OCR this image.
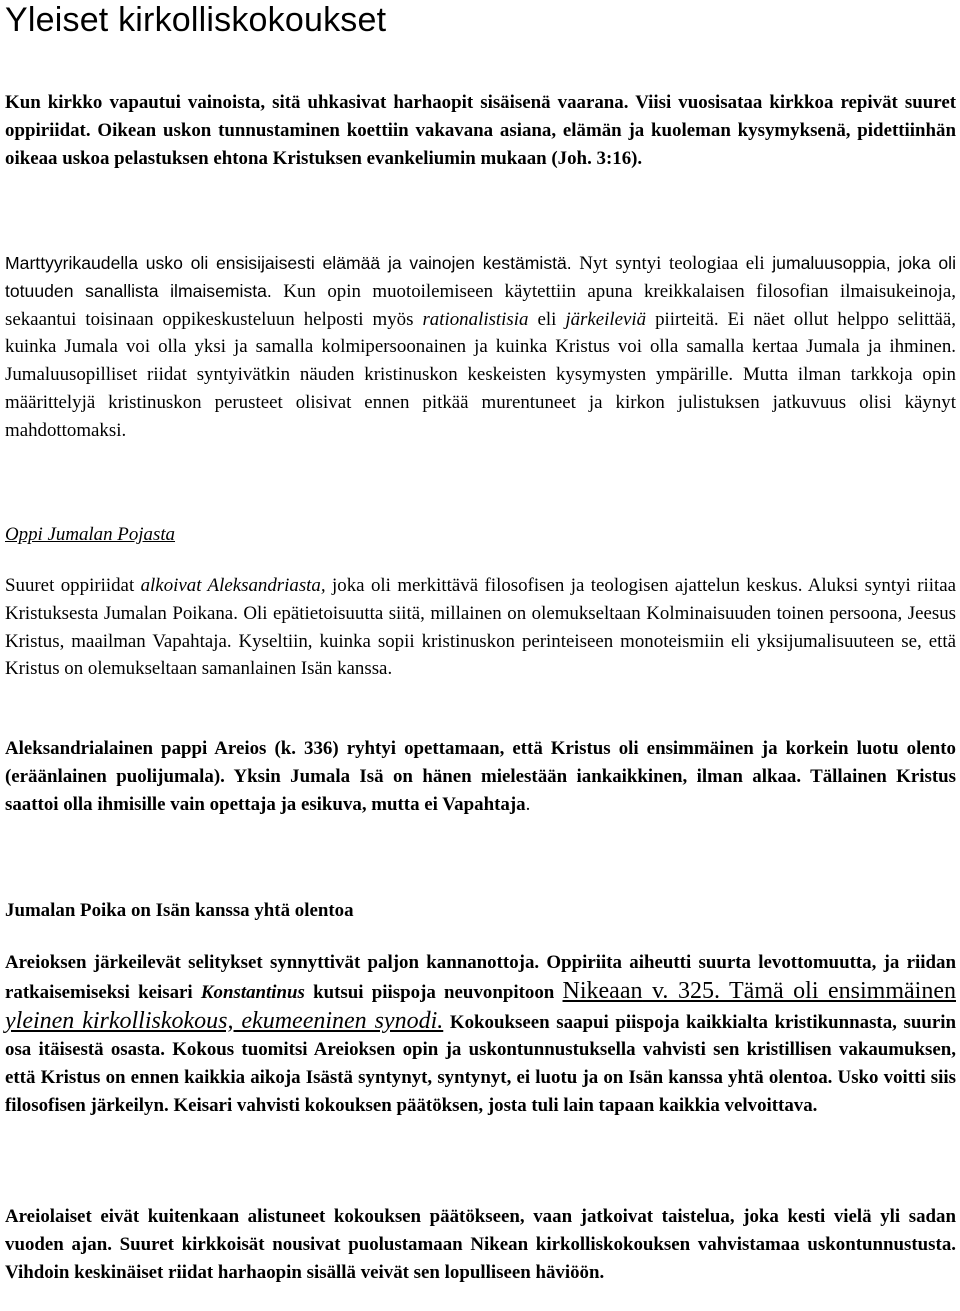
Yleiset kirkolliskokoukset

Kun kirkko vapautui vainoista, sitä uhkasivat harhaopit sisäisenä vaarana. Viisi vuosisataa kirkkoa repivät suuret oppiriidat. Oikean uskon tunnustaminen koettiin vakavana asiana, elämän ja kuoleman kysymyksenä, pidettiinhän oikeaa uskoa pelastuksen ehtona Kristuksen evankeliumin mukaan (Joh. 3:16).

Marttyyrikaudella usko oli ensisijaisesti elämää ja vainojen kestämistä. Nyt syntyi teologiaa eli jumaluusoppia, joka oli totuuden sanallista ilmaisemista. Kun opin muotoilemiseen käytettiin apuna kreikkalaisen filosofian ilmaisukeinoja, sekaantui toisinaan oppikeskusteluun helposti myös rationalistisia eli järkeileviä piirteitä. Ei näet ollut helppo selittää, kuinka Jumala voi olla yksi ja samalla kolmipersoonainen ja kuinka Kristus voi olla samalla kertaa Jumala ja ihminen. Jumaluusopilliset riidat syntyivätkin näuden kristinuskon keskeisten kysymysten ympärille. Mutta ilman tarkkoja opin määrittelyjä kristinuskon perusteet olisivat ennen pitkää murentuneet ja kirkon julistuksen jatkuvuus olisi käynyt mahdottomaksi.

Oppi Jumalan Pojasta

Suuret oppiriidat alkoivat Aleksandriasta, joka oli merkittävä filosofisen ja teologisen ajattelun keskus. Aluksi syntyi riitaa Kristuksesta Jumalan Poikana. Oli epätietoisuutta siitä, millainen on olemukseltaan Kolminaisuuden toinen persoona, Jeesus Kristus, maailman Vapahtaja. Kyseltiin, kuinka sopii kristinuskon perinteiseen monoteismiin eli yksijumalisuuteen se, että Kristus on olemukseltaan samanlainen Isän kanssa.

Aleksandrialainen pappi Areios (k. 336) ryhtyi opettamaan, että Kristus oli ensimmäinen ja korkein luotu olento (eräänlainen puolijumala). Yksin Jumala Isä on hänen mielestään iankaikkinen, ilman alkaa. Tällainen Kristus saattoi olla ihmisille vain opettaja ja esikuva, mutta ei Vapahtaja.

Jumalan Poika on Isän kanssa yhtä olentoa

Areioksen järkeilevät selitykset synnyttivät paljon kannanottoja. Oppiriita aiheutti suurta levottomuutta, ja riidan ratkaisemiseksi keisari Konstantinus kutsui piispoja neuvonpitoon Nikeaan v. 325. Tämä oli ensimmäinen yleinen kirkolliskokous, ekumeeninen synodi. Kokoukseen saapui piispoja kaikkialta kristikunnasta, suurin osa itäisestä osasta. Kokous tuomitsi Areioksen opin ja uskontunnustuksella vahvisti sen kristillisen vakaumuksen, että Kristus on ennen kaikkia aikoja Isästä syntynyt, syntynyt, ei luotu ja on Isän kanssa yhtä olentoa. Usko voitti siis filosofisen järkeilyn. Keisari vahvisti kokouksen päätöksen, josta tuli lain tapaan kaikkia velvoittava.

Areiolaiset eivät kuitenkaan alistuneet kokouksen päätökseen, vaan jatkoivat taistelua, joka kesti vielä yli sadan vuoden ajan. Suuret kirkkoisät nousivat puolustamaan Nikean kirkolliskokouksen vahvistamaa uskontunnustusta. Vihdoin keskinäiset riidat harhaopin sisällä veivät sen lopulliseen häviöön.
